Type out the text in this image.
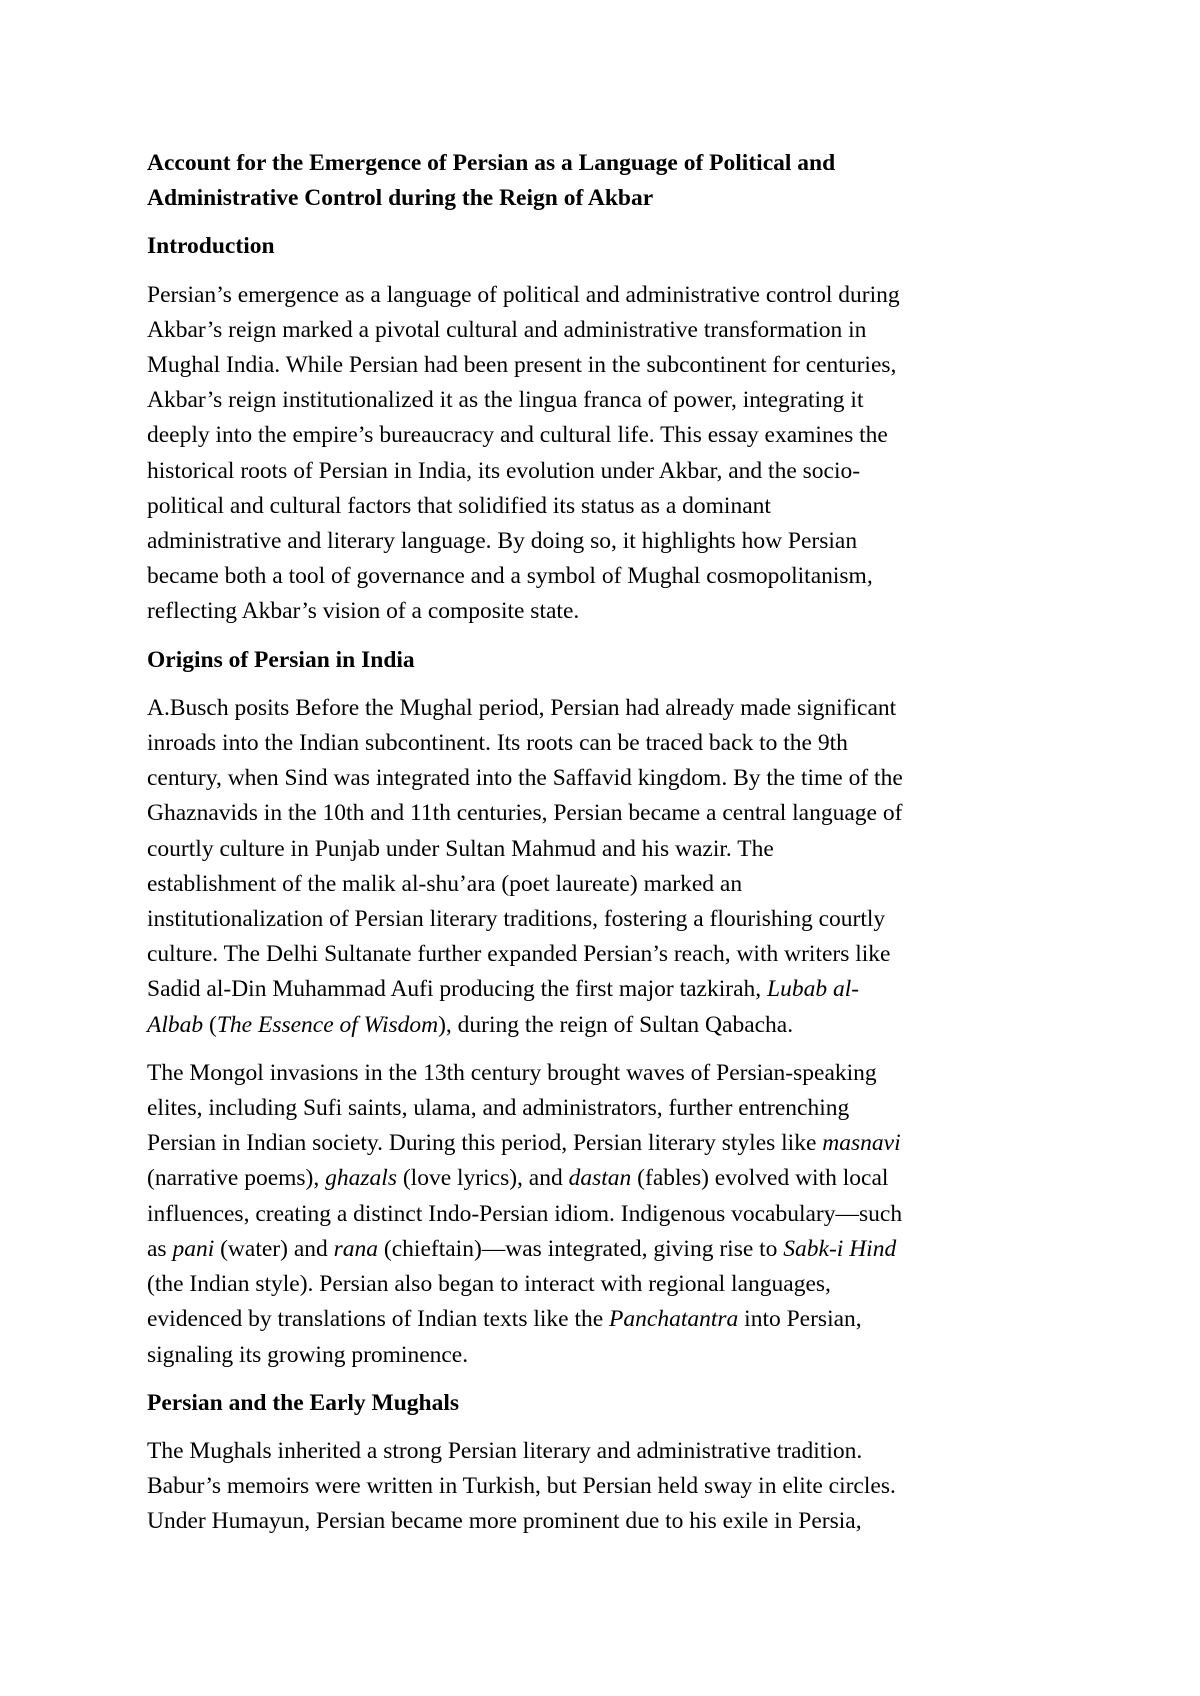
Account for the Emergence of Persian as a Language of Political and
Administrative Control during the Reign of Akbar
Introduction
Persian’s emergence as a language of political and administrative control during
Akbar’s reign marked a pivotal cultural and administrative transformation in
Mughal India. While Persian had been present in the subcontinent for centuries,
Akbar’s reign institutionalized it as the lingua franca of power, integrating it
deeply into the empire’s bureaucracy and cultural life. This essay examines the
historical roots of Persian in India, its evolution under Akbar, and the socio-
political and cultural factors that solidified its status as a dominant
administrative and literary language. By doing so, it highlights how Persian
became both a tool of governance and a symbol of Mughal cosmopolitanism,
reflecting Akbar’s vision of a composite state.
Origins of Persian in India
A.Busch posits Before the Mughal period, Persian had already made significant
inroads into the Indian subcontinent. Its roots can be traced back to the 9th
century, when Sind was integrated into the Saffavid kingdom. By the time of the
Ghaznavids in the 10th and 11th centuries, Persian became a central language of
courtly culture in Punjab under Sultan Mahmud and his wazir. The
establishment of the malik al-shu’ara (poet laureate) marked an
institutionalization of Persian literary traditions, fostering a flourishing courtly
culture. The Delhi Sultanate further expanded Persian’s reach, with writers like
Sadid al-Din Muhammad Aufi producing the first major tazkirah, Lubab al-
Albab (The Essence of Wisdom), during the reign of Sultan Qabacha.
The Mongol invasions in the 13th century brought waves of Persian-speaking
elites, including Sufi saints, ulama, and administrators, further entrenching
Persian in Indian society. During this period, Persian literary styles like masnavi
(narrative poems), ghazals (love lyrics), and dastan (fables) evolved with local
influences, creating a distinct Indo-Persian idiom. Indigenous vocabulary—such
as pani (water) and rana (chieftain)—was integrated, giving rise to Sabk-i Hind
(the Indian style). Persian also began to interact with regional languages,
evidenced by translations of Indian texts like the Panchatantra into Persian,
signaling its growing prominence.
Persian and the Early Mughals
The Mughals inherited a strong Persian literary and administrative tradition.
Babur’s memoirs were written in Turkish, but Persian held sway in elite circles.
Under Humayun, Persian became more prominent due to his exile in Persia,
